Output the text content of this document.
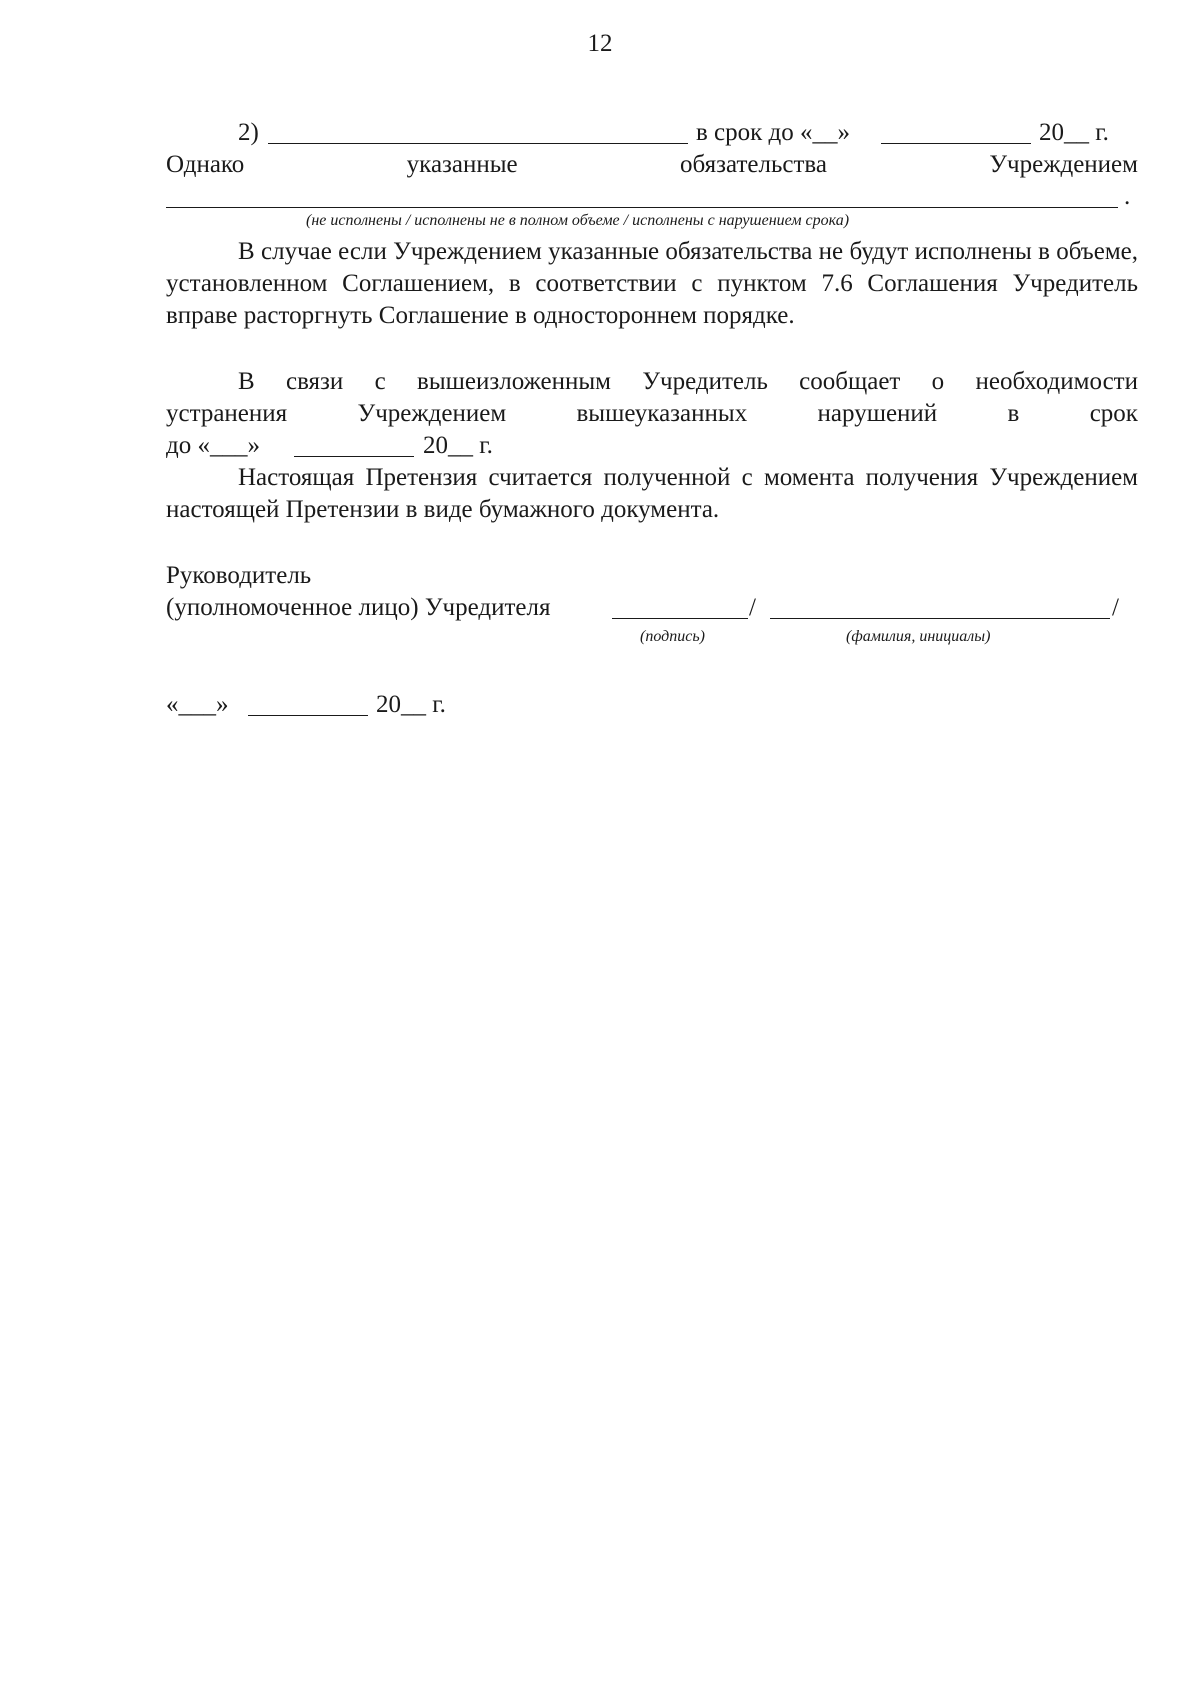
12
2)	в срок до «__»	20__ г.
Однако	указанные	обязательства	Учреждением
.
(не исполнены / исполнены не в полном объеме / исполнены с нарушением срока)
В случае если Учреждением указанные обязательства не будут исполнены в объеме, установленном Соглашением, в соответствии с пунктом 7.6 Соглашения Учредитель вправе расторгнуть Соглашение в одностороннем порядке.
В связи с вышеизложенным Учредитель сообщает о необходимости
устранения	Учреждением	вышеуказанных	нарушений	в	срок
до «___»	20__ г.
Настоящая Претензия считается полученной с момента получения Учреждением настоящей Претензии в виде бумажного документа.
Руководитель
(уполномоченное лицо) Учредителя	/	/
(подпись)	(фамилия, инициалы)
«___»	20__ г.
